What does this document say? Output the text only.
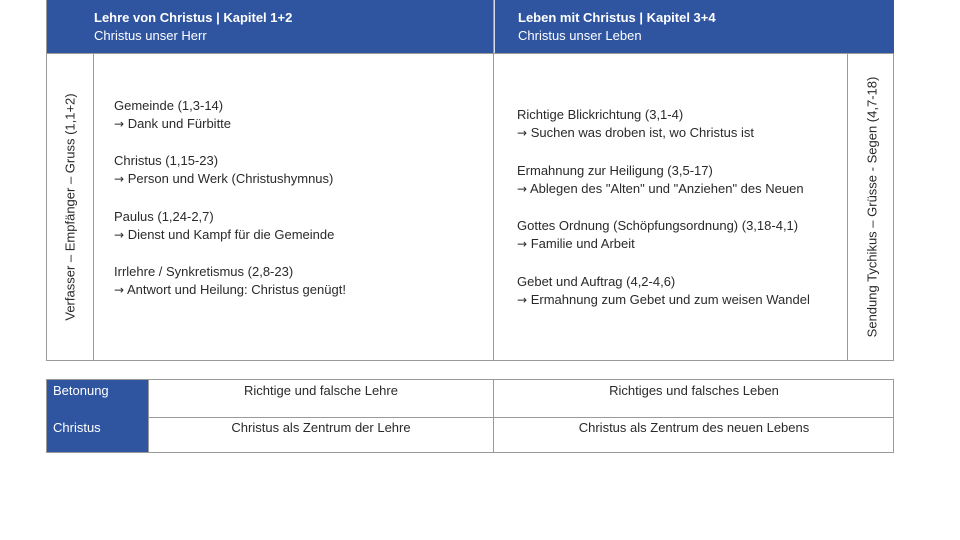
Lehre von Christus | Kapitel 1+2
Christus unser Herr
Leben mit Christus | Kapitel 3+4
Christus unser Leben
Verfasser – Empfänger – Gruss (1,1+2)	Sendung Tychikus – Grüsse - Segen (4,7-18)
Gemeinde (1,3-14)
→ Dank und Fürbitte
Christus (1,15-23)
→ Person und Werk (Christushymnus)
Paulus (1,24-2,7)
→ Dienst und Kampf für die Gemeinde
Irrlehre / Synkretismus (2,8-23)
→ Antwort und Heilung: Christus genügt!
Richtige Blickrichtung (3,1-4)
→ Suchen was droben ist, wo Christus ist
Ermahnung zur Heiligung (3,5-17)
→ Ablegen des "Alten" und "Anziehen" des Neuen
Gottes Ordnung (Schöpfungsordnung) (3,18-4,1)
→ Familie und Arbeit
Gebet und Auftrag (4,2-4,6)
→ Ermahnung zum Gebet und zum weisen Wandel
Betonung	Richtige und falsche Lehre	Richtiges und falsches Leben
Christus	Christus als Zentrum der Lehre	Christus als Zentrum des neuen Lebens
